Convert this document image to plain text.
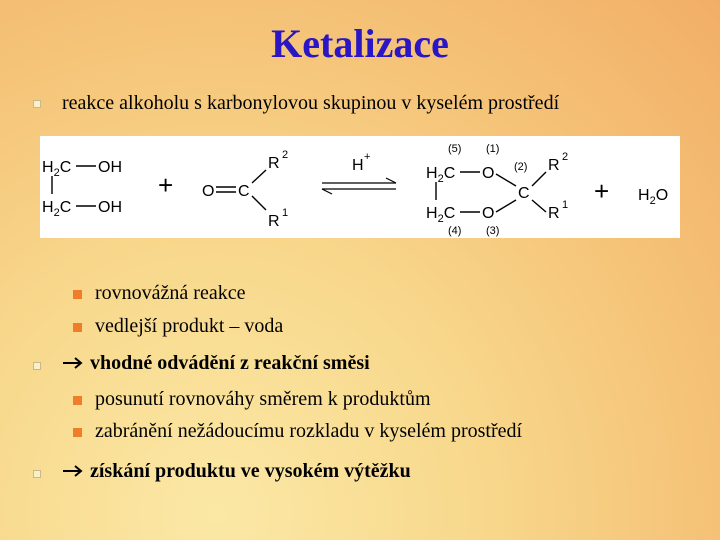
Ketalizace
reakce alkoholu s karbonylovou skupinou v kyselém prostředí
$H_2C$ OH
$H_2C$ OH
+ O C
R 2
R 1
H +
(5) (1)
$H_2C$ O
$H_2C$ O
(2)
C
R 2
R 1
(4) (3)
+ $H_2O$
rovnovážná reakce
vedlejší produkt – voda
vhodné odvádění z reakční směsi
posunutí rovnováhy směrem k produktům
zabránění nežádoucímu rozkladu v kyselém prostředí
získání produktu ve vysokém výtěžku
